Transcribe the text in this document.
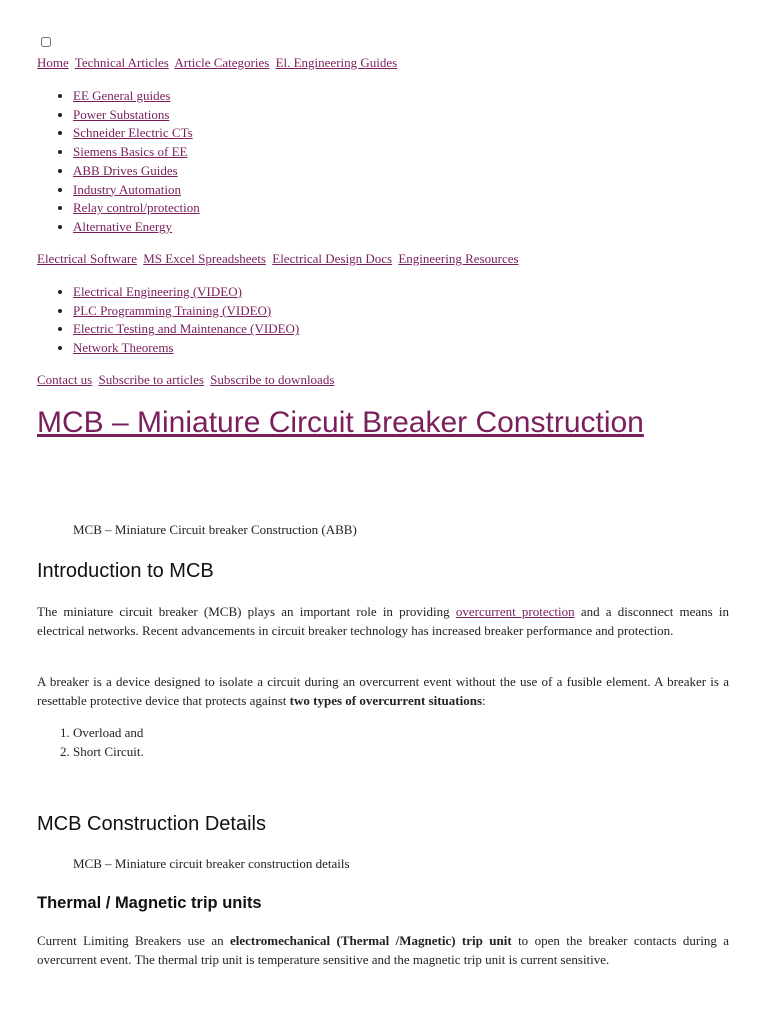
Home Technical Articles Article Categories El. Engineering Guides
• EE General guides
• Power Substations
• Schneider Electric CTs
• Siemens Basics of EE
• ABB Drives Guides
• Industry Automation
• Relay control/protection
• Alternative Energy
Electrical Software MS Excel Spreadsheets Electrical Design Docs Engineering Resources
• Electrical Engineering (VIDEO)
• PLC Programming Training (VIDEO)
• Electric Testing and Maintenance (VIDEO)
• Network Theorems
Contact us Subscribe to articles Subscribe to downloads
MCB – Miniature Circuit Breaker Construction
MCB – Miniature Circuit breaker Construction (ABB)
Introduction to MCB

The miniature circuit breaker (MCB) plays an important role in providing overcurrent protection and a disconnect means in electrical networks. Recent advancements in circuit breaker technology has increased breaker performance and protection.

A breaker is a device designed to isolate a circuit during an overcurrent event without the use of a fusible element. A breaker is a resettable protective device that protects against two types of overcurrent situations:

1. Overload and
2. Short Circuit.
MCB Construction Details
MCB – Miniature circuit breaker construction details
Thermal / Magnetic trip units

Current Limiting Breakers use an electromechanical (Thermal /Magnetic) trip unit to open the breaker contacts during a overcurrent event. The thermal trip unit is temperature sensitive and the magnetic trip unit is current sensitive.
